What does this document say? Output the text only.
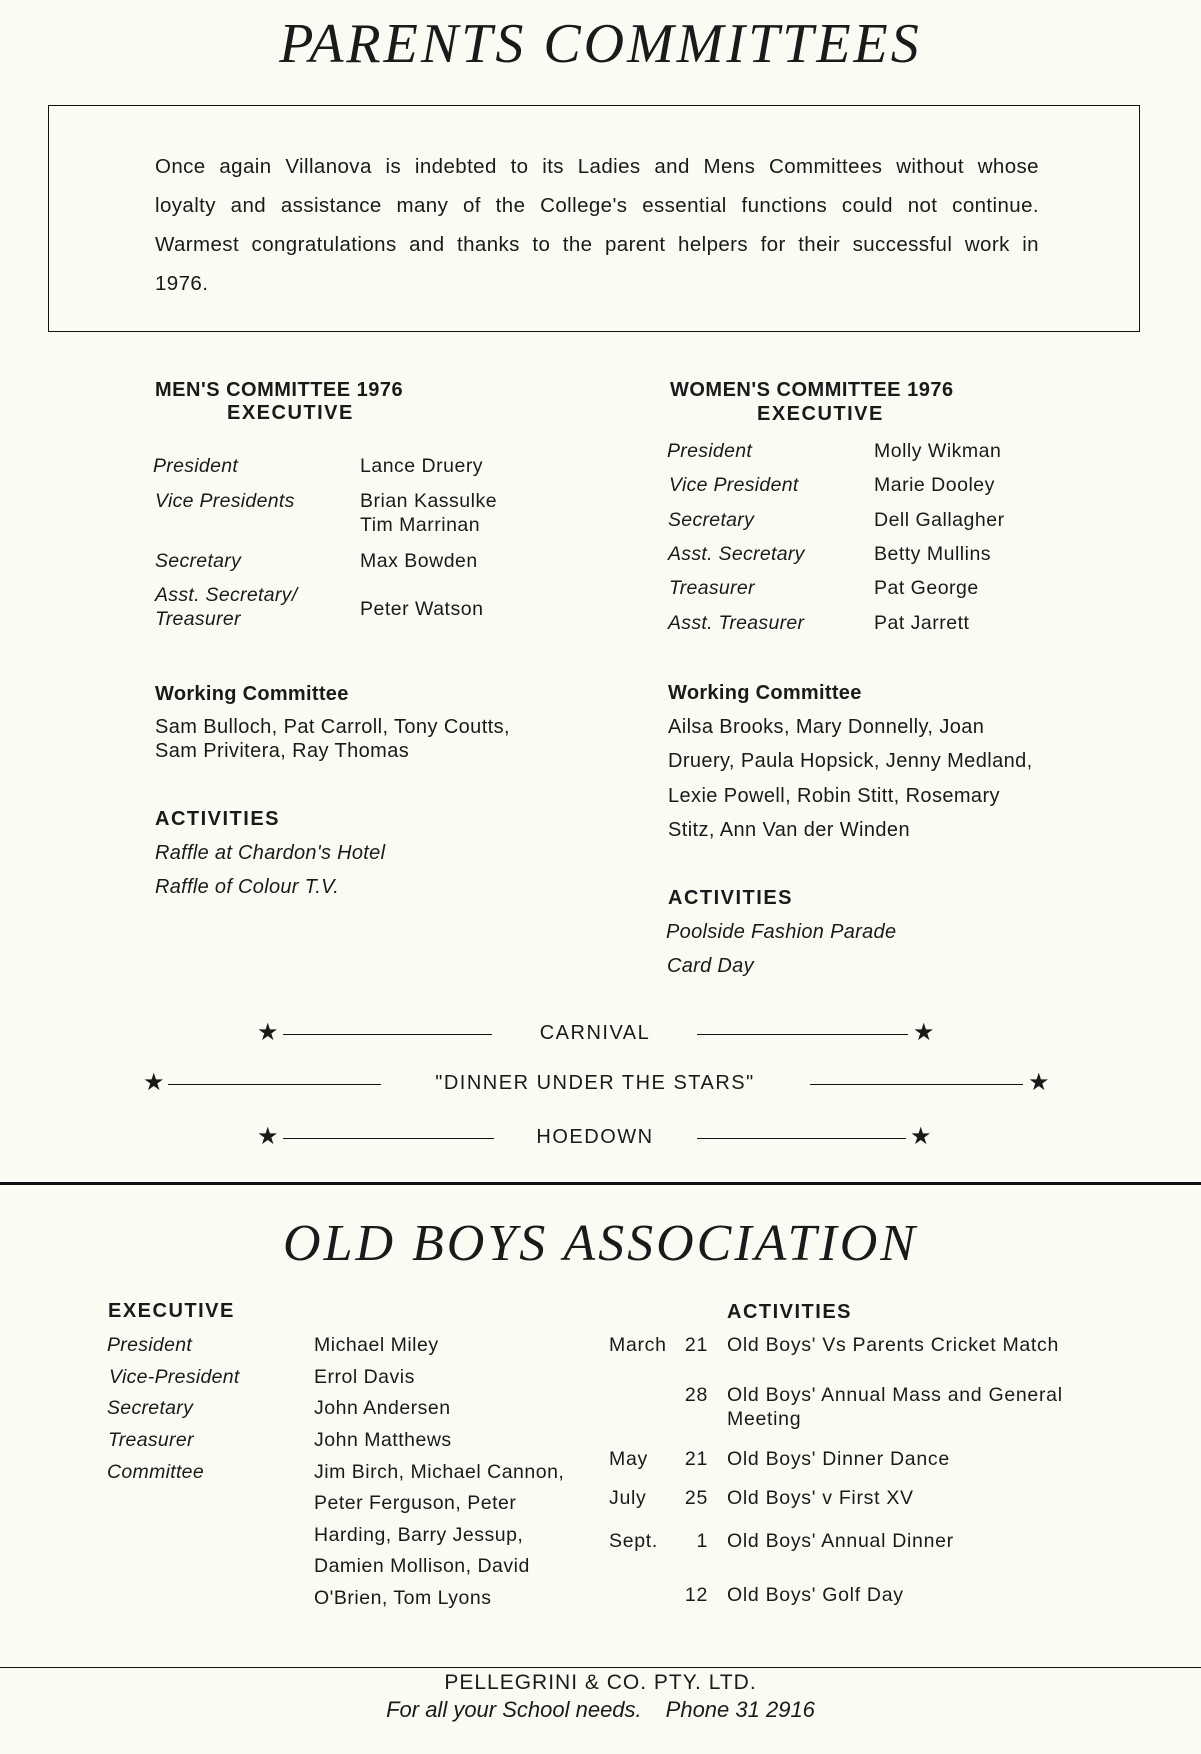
PARENTS COMMITTEES
Once again Villanova is indebted to its Ladies and Mens Committees without whose
loyalty and assistance many of the College's essential functions could not continue.
Warmest congratulations and thanks to the parent helpers for their successful work in
1976.
MEN'S COMMITTEE 1976
EXECUTIVE
President	Lance Druery
Vice Presidents	Brian Kassulke
Tim Marrinan
Secretary	Max Bowden
Asst. Secretary/
Treasurer	Peter Watson
Working Committee
Sam Bulloch, Pat Carroll, Tony Coutts,
Sam Privitera, Ray Thomas
ACTIVITIES
Raffle at Chardon's Hotel
Raffle of Colour T.V.
WOMEN'S COMMITTEE 1976
EXECUTIVE
President	Molly Wikman
Vice President	Marie Dooley
Secretary	Dell Gallagher
Asst. Secretary	Betty Mullins
Treasurer	Pat George
Asst. Treasurer	Pat Jarrett
Working Committee
Ailsa Brooks, Mary Donnelly, Joan
Druery, Paula Hopsick, Jenny Medland,
Lexie Powell, Robin Stitt, Rosemary
Stitz, Ann Van der Winden
ACTIVITIES
Poolside Fashion Parade
Card Day
★	CARNIVAL	★
★	"DINNER UNDER THE STARS"	★
★	HOEDOWN	★
OLD BOYS ASSOCIATION
EXECUTIVE
President	Michael Miley
Vice-President	Errol Davis
Secretary	John Andersen
Treasurer	John Matthews
Committee	Jim Birch, Michael Cannon,
Peter Ferguson, Peter
Harding, Barry Jessup,
Damien Mollison, David
O'Brien, Tom Lyons
ACTIVITIES
March 21 Old Boys' Vs Parents Cricket Match
28 Old Boys' Annual Mass and General
Meeting
May	21 Old Boys' Dinner Dance
July	25 Old Boys' v First XV
Sept.	1 Old Boys' Annual Dinner
12 Old Boys' Golf Day
PELLEGRINI & CO. PTY. LTD.
For all your School needs. Phone 31 2916
